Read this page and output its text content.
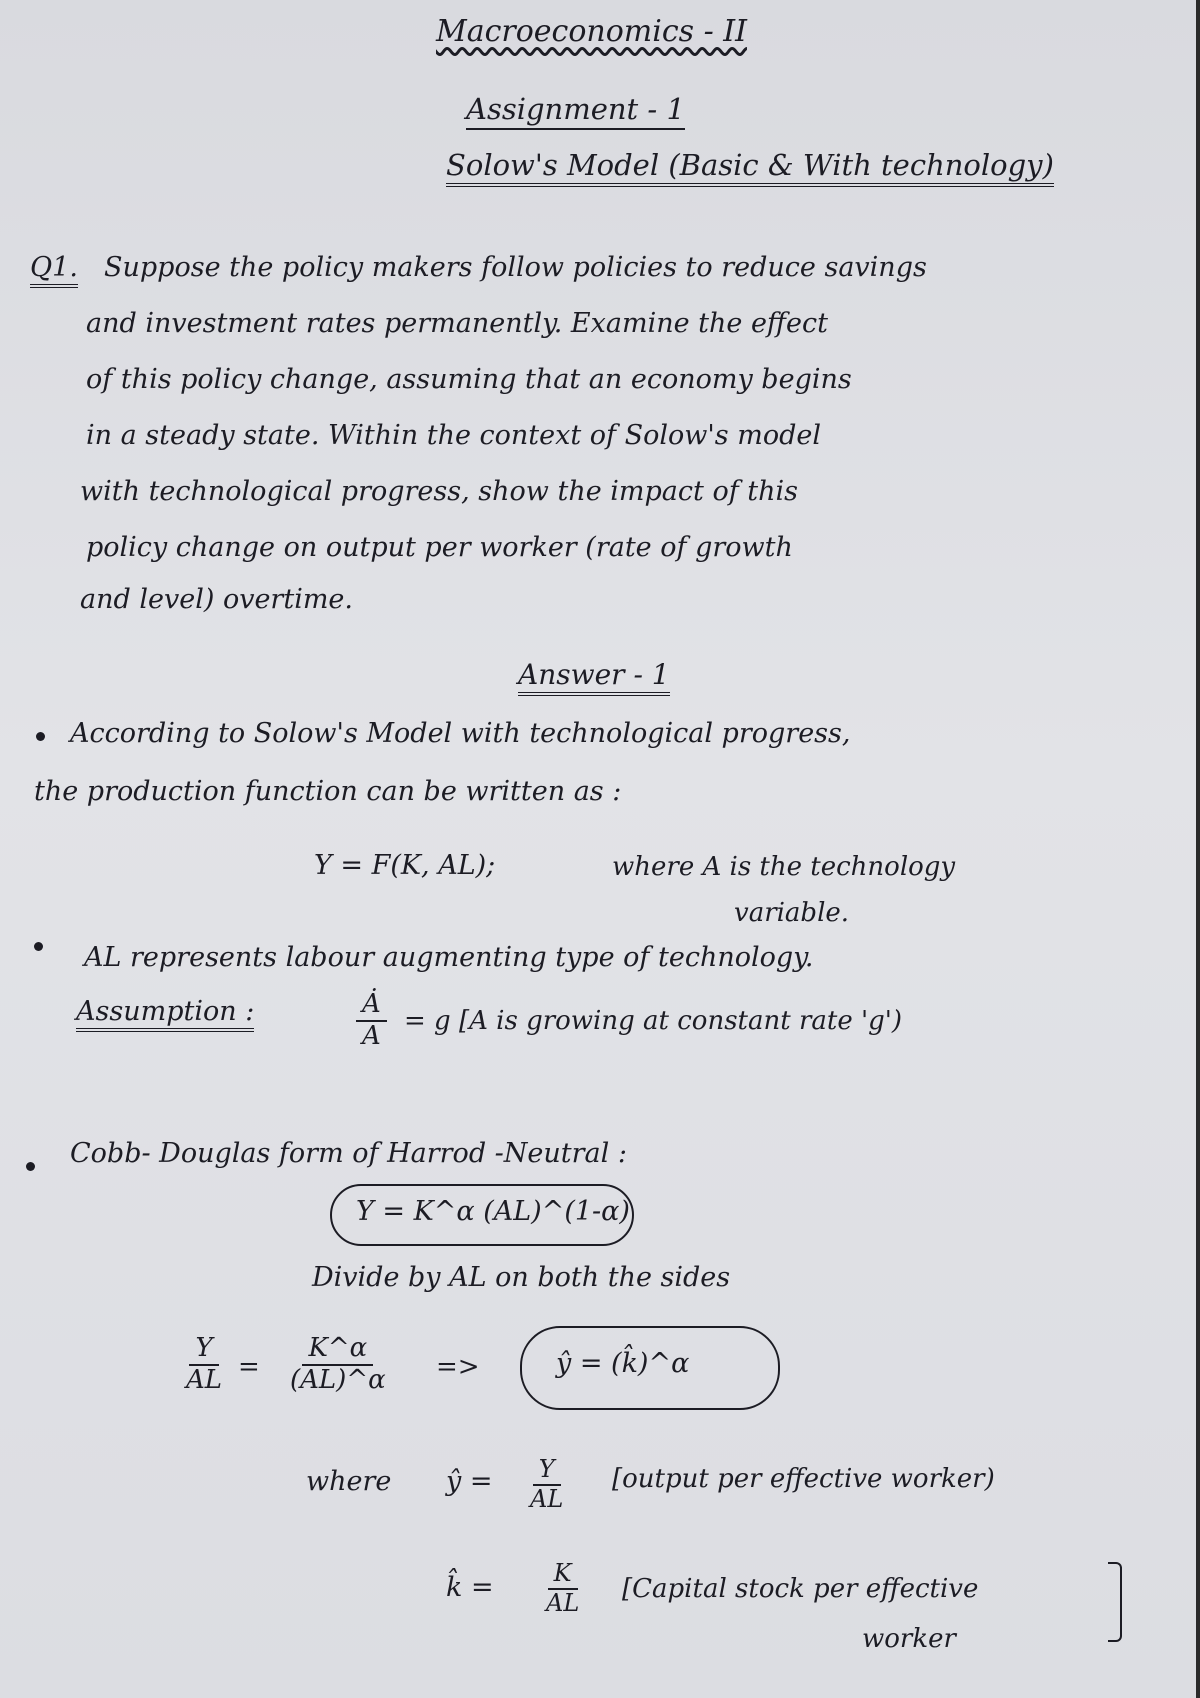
Macroeconomics - II
Assignment - 1
Solow's Model (Basic & With technology)
Q1. Suppose the policy makers follow policies to reduce savings
and investment rates permanently. Examine the effect
of this policy change, assuming that an economy begins
in a steady state. Within the context of Solow's model
with technological progress, show the impact of this
policy change on output per worker (rate of growth
and level) overtime.
Answer - 1
According to Solow's Model with technological progress,
the production function can be written as :
Y = F(K, AL);	where A is the technology
variable.
AL represents labour augmenting type of technology.
Assumption :	$\frac{Ȧ}{A} = g$ [A is growing at constant rate 'g')
Cobb- Douglas form of Harrod -Neutral :
Y = K^α (AL)^(1-α)
Divide by AL on both the sides
$\frac{Y}{AL} = \frac{K\^{}\alpha}{(AL)\^{}\alpha}$ =>	ŷ = (k̂)^α
where ŷ = $\frac{Y}{AL}$ [output per effective worker)
k̂ = $\frac{K}{AL}$ [Capital stock per effective
worker
